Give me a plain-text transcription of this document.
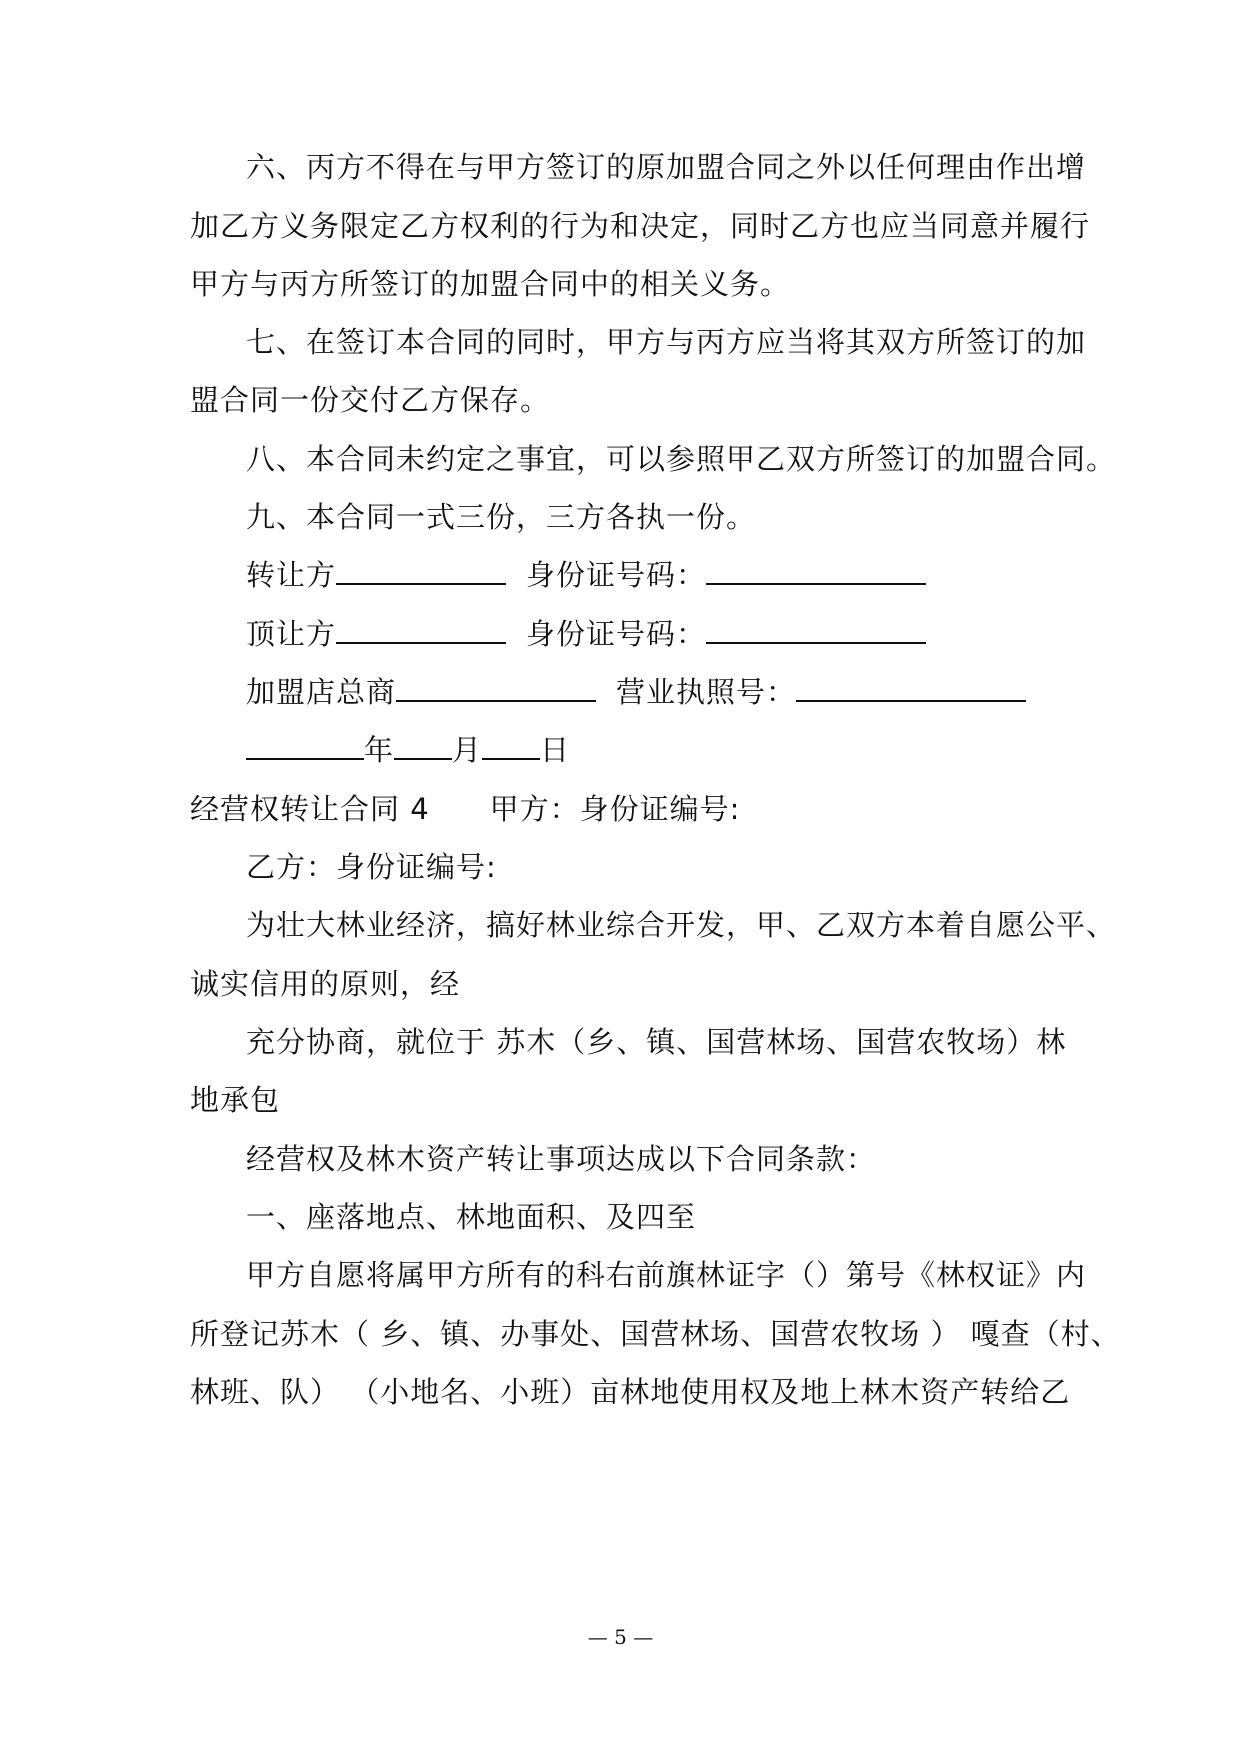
六、丙方不得在与甲方签订的原加盟合同之外以任何理由作出增
加乙方义务限定乙方权利的行为和决定，同时乙方也应当同意并履行
甲方与丙方所签订的加盟合同中的相关义务。
七、在签订本合同的同时，甲方与丙方应当将其双方所签订的加
盟合同一份交付乙方保存。
八、本合同未约定之事宜，可以参照甲乙双方所签订的加盟合同。
九、本合同一式三份，三方各执一份。
转让方	身份证号码：
顶让方	身份证号码：
加盟店总商	营业执照号：
年 月 日
经营权转让合同 4 甲方：身份证编号:
乙方：身份证编号:
为壮大林业经济，搞好林业综合开发，甲、乙双方本着自愿公平、
诚实信用的原则，经
充分协商，就位于 苏木（乡、镇、国营林场、国营农牧场）林
地承包
经营权及林木资产转让事项达成以下合同条款：
一、座落地点、林地面积、及四至
甲方自愿将属甲方所有的科右前旗林证字（）第号《林权证》内
所登记苏木（ 乡、镇、办事处、国营林场、国营农牧场 ） 嘎查（村、
林班、队） （小地名、小班）亩林地使用权及地上林木资产转给乙
— 5 —
